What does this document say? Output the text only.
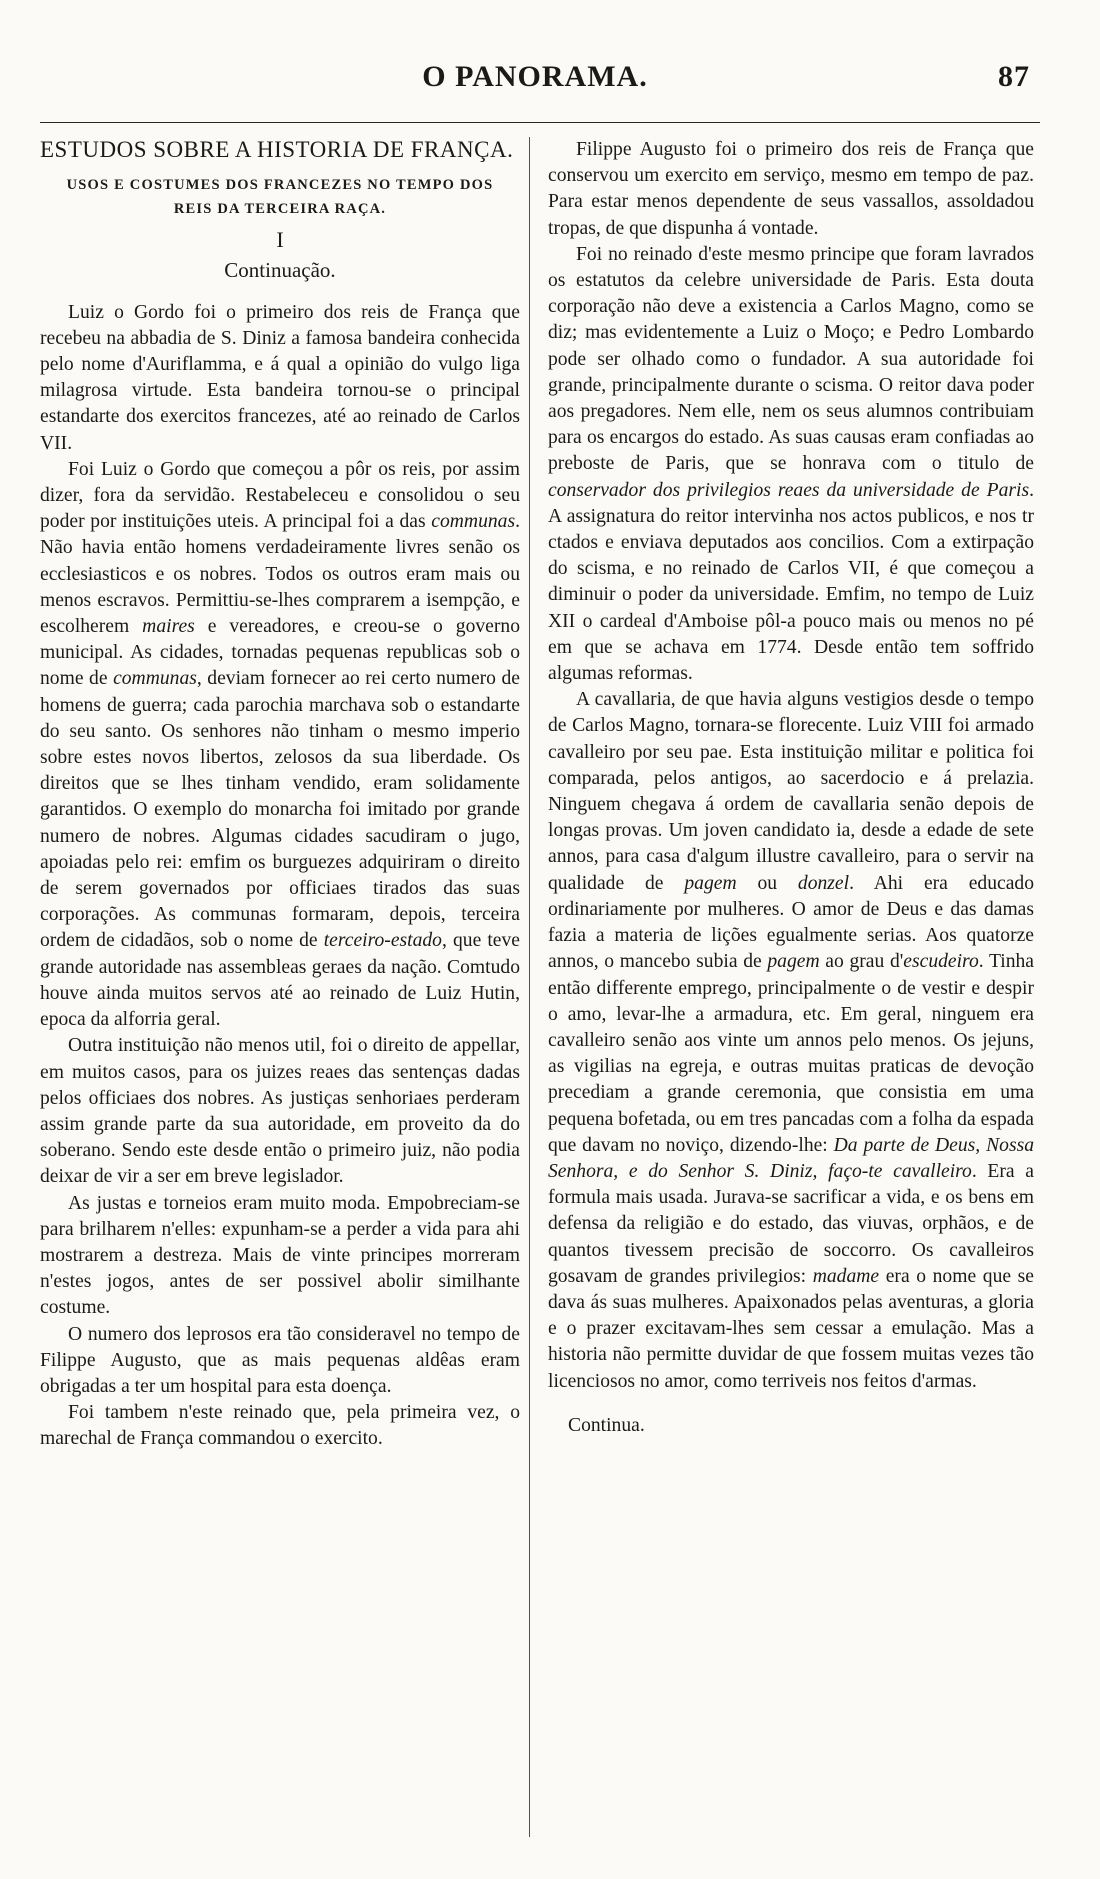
O PANORAMA.	87
ESTUDOS SOBRE A HISTORIA DE FRANÇA.
USOS E COSTUMES DOS FRANCEZES NO TEMPO DOS REIS DA TERCEIRA RAÇA.
I
Continuação.

Luiz o Gordo foi o primeiro dos reis de França que recebeu na abbadia de S. Diniz a famosa bandeira conhecida pelo nome d'Auriflamma, e á qual a opinião do vulgo liga milagrosa virtude. Esta bandeira tornou-se o principal estandarte dos exercitos francezes, até ao reinado de Carlos VII.

Foi Luiz o Gordo que começou a pôr os reis, por assim dizer, fora da servidão. Restabeleceu e consolidou o seu poder por instituições uteis. A principal foi a das communas. Não havia então homens verdadeiramente livres senão os ecclesiasticos e os nobres. Todos os outros eram mais ou menos escravos. Permittiu-se-lhes comprarem a isempção, e escolherem maires e vereadores, e creou-se o governo municipal. As cidades, tornadas pequenas republicas sob o nome de communas, deviam fornecer ao rei certo numero de homens de guerra; cada parochia marchava sob o estandarte do seu santo. Os senhores não tinham o mesmo imperio sobre estes novos libertos, zelosos da sua liberdade. Os direitos que se lhes tinham vendido, eram solidamente garantidos. O exemplo do monarcha foi imitado por grande numero de nobres. Algumas cidades sacudiram o jugo, apoiadas pelo rei: emfim os burguezes adquiriram o direito de serem governados por officiaes tirados das suas corporações. As communas formaram, depois, terceira ordem de cidadãos, sob o nome de terceiro-estado, que teve grande autoridade nas assembleas geraes da nação. Comtudo houve ainda muitos servos até ao reinado de Luiz Hutin, epoca da alforria geral.

Outra instituição não menos util, foi o direito de appellar, em muitos casos, para os juizes reaes das sentenças dadas pelos officiaes dos nobres. As justiças senhoriaes perderam assim grande parte da sua autoridade, em proveito da do soberano. Sendo este desde então o primeiro juiz, não podia deixar de vir a ser em breve legislador.

As justas e torneios eram muito moda. Empobreciam-se para brilharem n'elles: expunham-se a perder a vida para ahi mostrarem a destreza. Mais de vinte principes morreram n'estes jogos, antes de ser possivel abolir similhante costume.

O numero dos leprosos era tão consideravel no tempo de Filippe Augusto, que as mais pequenas aldêas eram obrigadas a ter um hospital para esta doença.

Foi tambem n'este reinado que, pela primeira vez, o marechal de França commandou o exercito.

Filippe Augusto foi o primeiro dos reis de França que conservou um exercito em serviço, mesmo em tempo de paz. Para estar menos dependente de seus vassallos, assoldadou tropas, de que dispunha á vontade.

Foi no reinado d'este mesmo principe que foram lavrados os estatutos da celebre universidade de Paris. Esta douta corporação não deve a existencia a Carlos Magno, como se diz; mas evidentemente a Luiz o Moço; e Pedro Lombardo pode ser olhado como o fundador. A sua autoridade foi grande, principalmente durante o scisma. O reitor dava poder aos pregadores. Nem elle, nem os seus alumnos contribuiam para os encargos do estado. As suas causas eram confiadas ao preboste de Paris, que se honrava com o titulo de conservador dos privilegios reaes da universidade de Paris. A assignatura do reitor intervinha nos actos publicos, e nos tr ctados e enviava deputados aos concilios. Com a extirpação do scisma, e no reinado de Carlos VII, é que começou a diminuir o poder da universidade. Emfim, no tempo de Luiz XII o cardeal d'Amboise pôl-a pouco mais ou menos no pé em que se achava em 1774. Desde então tem soffrido algumas reformas.

A cavallaria, de que havia alguns vestigios desde o tempo de Carlos Magno, tornara-se florecente. Luiz VIII foi armado cavalleiro por seu pae. Esta instituição militar e politica foi comparada, pelos antigos, ao sacerdocio e á prelazia. Ninguem chegava á ordem de cavallaria senão depois de longas provas. Um joven candidato ia, desde a edade de sete annos, para casa d'algum illustre cavalleiro, para o servir na qualidade de pagem ou donzel. Ahi era educado ordinariamente por mulheres. O amor de Deus e das damas fazia a materia de lições egualmente serias. Aos quatorze annos, o mancebo subia de pagem ao grau d'escudeiro. Tinha então differente emprego, principalmente o de vestir e despir o amo, levar-lhe a armadura, etc. Em geral, ninguem era cavalleiro senão aos vinte um annos pelo menos. Os jejuns, as vigilias na egreja, e outras muitas praticas de devoção precediam a grande ceremonia, que consistia em uma pequena bofetada, ou em tres pancadas com a folha da espada que davam no noviço, dizendo-lhe: Da parte de Deus, Nossa Senhora, e do Senhor S. Diniz, faço-te cavalleiro. Era a formula mais usada. Jurava-se sacrificar a vida, e os bens em defensa da religião e do estado, das viuvas, orphãos, e de quantos tivessem precisão de soccorro. Os cavalleiros gosavam de grandes privilegios: madame era o nome que se dava ás suas mulheres. Apaixonados pelas aventuras, a gloria e o prazer excitavam-lhes sem cessar a emulação. Mas a historia não permitte duvidar de que fossem muitas vezes tão licenciosos no amor, como terriveis nos feitos d'armas.

Continua.
